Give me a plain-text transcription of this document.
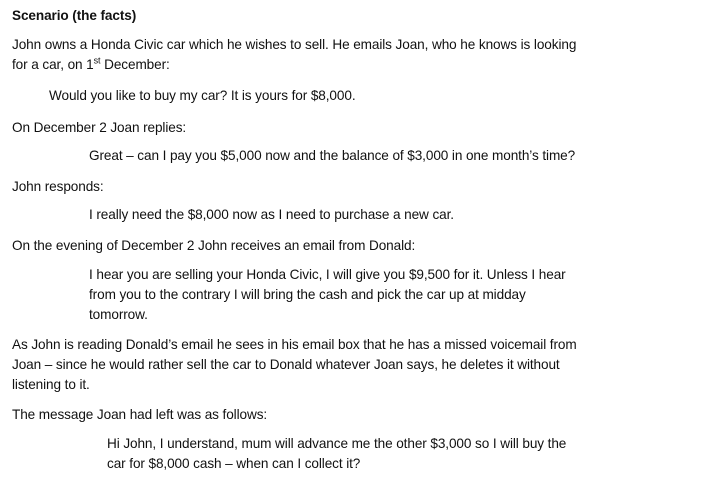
Scenario (the facts)
John owns a Honda Civic car which he wishes to sell. He emails Joan, who he knows is looking
for a car, on 1st December:
Would you like to buy my car? It is yours for $8,000.
On December 2 Joan replies:
Great – can I pay you $5,000 now and the balance of $3,000 in one month’s time?
John responds:
I really need the $8,000 now as I need to purchase a new car.
On the evening of December 2 John receives an email from Donald:
I hear you are selling your Honda Civic, I will give you $9,500 for it. Unless I hear
from you to the contrary I will bring the cash and pick the car up at midday
tomorrow.
As John is reading Donald’s email he sees in his email box that he has a missed voicemail from
Joan – since he would rather sell the car to Donald whatever Joan says, he deletes it without
listening to it.
The message Joan had left was as follows:
Hi John, I understand, mum will advance me the other $3,000 so I will buy the
car for $8,000 cash – when can I collect it?
